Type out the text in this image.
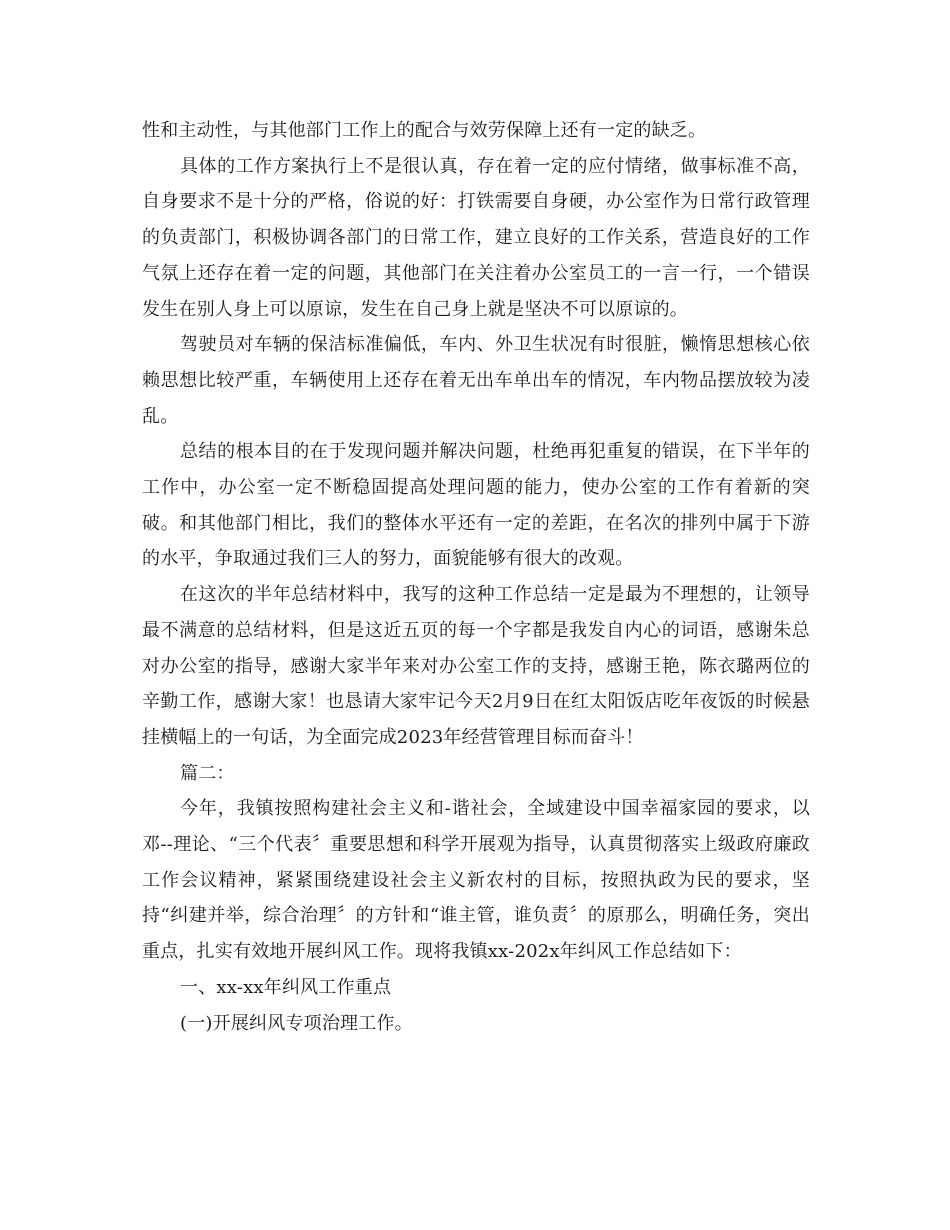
性和主动性，与其他部门工作上的配合与效劳保障上还有一定的缺乏。

具体的工作方案执行上不是很认真，存在着一定的应付情绪，做事标准不高，自身要求不是十分的严格，俗说的好：打铁需要自身硬，办公室作为日常行政管理的负责部门，积极协调各部门的日常工作，建立良好的工作关系，营造良好的工作气氛上还存在着一定的问题，其他部门在关注着办公室员工的一言一行，一个错误发生在别人身上可以原谅，发生在自己身上就是坚决不可以原谅的。

驾驶员对车辆的保洁标准偏低，车内、外卫生状况有时很脏，懒惰思想核心依赖思想比较严重，车辆使用上还存在着无出车单出车的情况，车内物品摆放较为凌乱。

总结的根本目的在于发现问题并解决问题，杜绝再犯重复的错误，在下半年的工作中，办公室一定不断稳固提高处理问题的能力，使办公室的工作有着新的突破。和其他部门相比，我们的整体水平还有一定的差距，在名次的排列中属于下游的水平，争取通过我们三人的努力，面貌能够有很大的改观。

在这次的半年总结材料中，我写的这种工作总结一定是最为不理想的，让领导最不满意的总结材料，但是这近五页的每一个字都是我发自内心的词语，感谢朱总对办公室的指导，感谢大家半年来对办公室工作的支持，感谢王艳，陈衣璐两位的辛勤工作，感谢大家！也恳请大家牢记今天2月9日在红太阳饭店吃年夜饭的时候悬挂横幅上的一句话，为全面完成2023年经营管理目标而奋斗！

篇二：

今年，我镇按照构建社会主义和-谐社会，全域建设中国幸福家园的要求，以邓--理论、“三个代表〞重要思想和科学开展观为指导，认真贯彻落实上级政府廉政工作会议精神，紧紧围绕建设社会主义新农村的目标，按照执政为民的要求，坚持“纠建并举，综合治理〞的方针和“谁主管，谁负责〞的原那么，明确任务，突出重点，扎实有效地开展纠风工作。现将我镇xx-202x年纠风工作总结如下：

一、xx-xx年纠风工作重点

(一)开展纠风专项治理工作。
